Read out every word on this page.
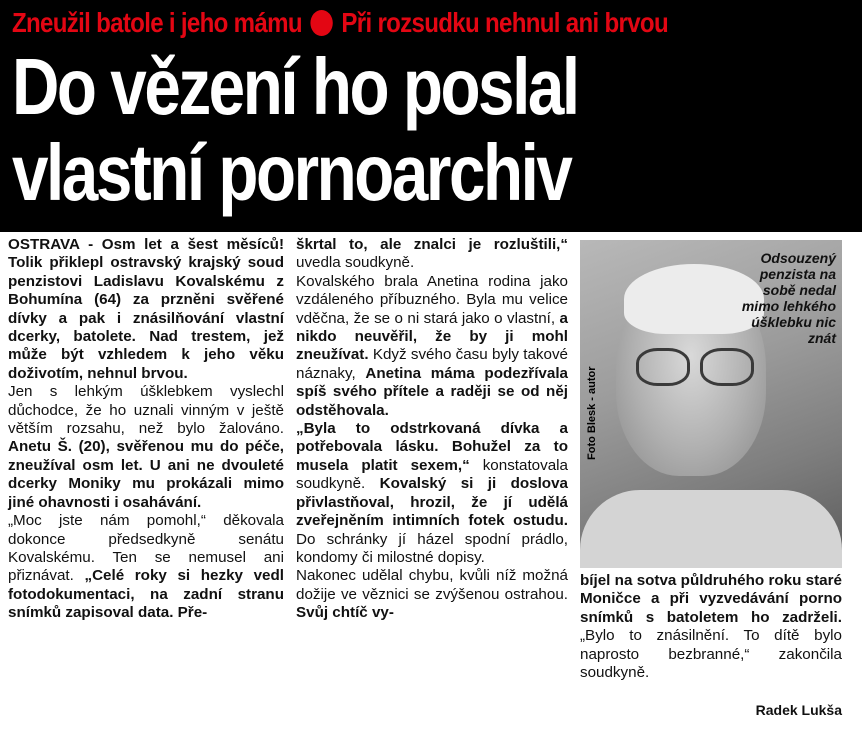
Zneužil batole i jeho mámu Při rozsudku nehnul ani brvou
Do vězení ho poslal
vlastní pornoarchiv

OSTRAVA - Osm let a šest měsíců! Tolik přiklepl ostravský krajský soud penzistovi Ladislavu Kovalskému z Bohumína (64) za przněni svěřené dívky a pak i znásilňování vlastní dcerky, batolete. Nad trestem, jež může být vzhledem k jeho věku doživotím, nehnul brvou.

Jen s lehkým úšklebkem vyslechl důchodce, že ho uznali vinným v ještě větším rozsahu, než bylo žalováno. Anetu Š. (20), svěřenou mu do péče, zneužíval osm let. U ani ne dvouleté dcerky Moniky mu prokázali mimo jiné ohavnosti i osahávání.

„Moc jste nám pomohl,“ děkovala dokonce předsedkyně senátu Kovalskému. Ten se nemusel ani přiznávat. „Celé roky si hezky vedl fotodokumentaci, na zadní stranu snímků zapisoval data. Pře-

škrtal to, ale znalci je rozluštili,“ uvedla soudkyně.

Kovalského brala Anetina rodina jako vzdáleného příbuzného. Byla mu velice vděčna, že se o ni stará jako o vlastní, a nikdo neuvěřil, že by ji mohl zneužívat. Když svého času byly takové náznaky, Anetina máma podezřívala spíš svého přítele a raději se od něj odstěhovala.

„Byla to odstrkovaná dívka a potřebovala lásku. Bohužel za to musela platit sexem,“ konstatovala soudkyně. Kovalský si ji doslova přivlastňoval, hrozil, že jí udělá zveřejněním intimních fotek ostudu. Do schránky jí házel spodní prádlo, kondomy či milostné dopisy.

Nakonec udělal chybu, kvůli níž možná dožije ve věznici se zvýšenou ostrahou. Svůj chtíč vy-

Odsouzený penzista na sobě nedal mimo lehkého úšklebku nic znát
Foto Blesk - autor

bíjel na sotva půldruhého roku staré Moničce a při vyzvedávání porno snímků s batoletem ho zadrželi. „Bylo to znásilnění. To dítě bylo naprosto bezbranné,“ zakončila soudkyně.

Radek Lukša
